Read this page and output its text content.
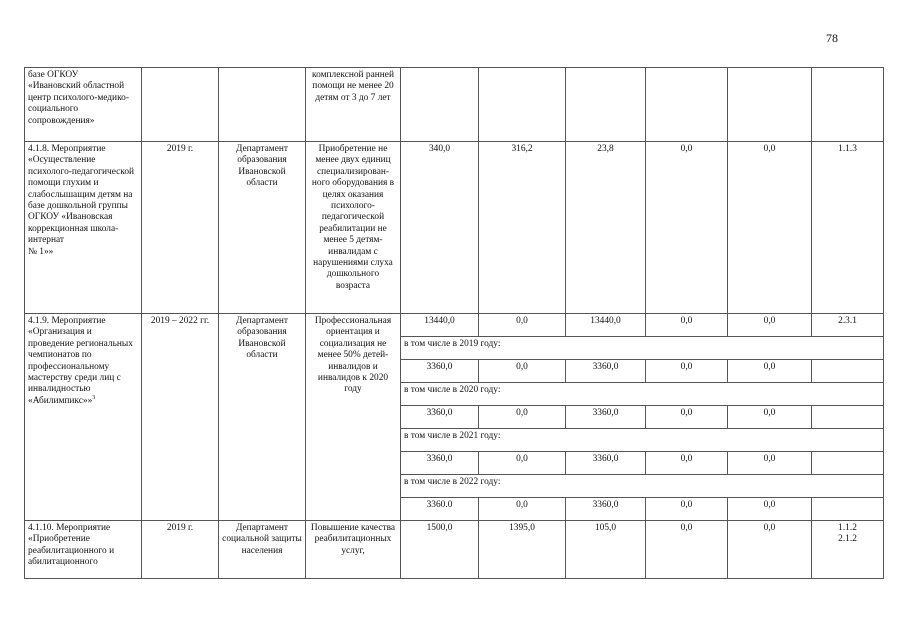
78
базе ОГКОУ
«Ивановский областной центр психолого-медико-социального сопровождения»			комплексной ранней помощи не менее 20 детям от 3 до 7 лет						
4.1.8. Мероприятие «Осуществление психолого-педагогической помощи глухим и слабослышащим детям на базе дошкольной группы ОГКОУ «Ивановская коррекционная школа-интернат
№ 1»»	2019 г.	Департамент образования Ивановской области	Приобретение не менее двух единиц специализирован-ного оборудования в целях оказания психолого-педагогической реабилитации не менее 5 детям-инвалидам с нарушениями слуха дошкольного возраста	340,0	316,2	23,8	0,0	0,0	1.1.3
4.1.9. Мероприятие «Организация и проведение региональных чемпионатов по профессиональному мастерству среди лиц с инвалидностью «Абилимпикс»»$^3$	2019 – 2022 гг.	Департамент образования Ивановской области	Профессиональная ориентация и социализация не менее 50% детей-инвалидов и инвалидов к 2020 году	13440,0	0,0	13440,0	0,0	0,0	2.3.1
				в том числе в 2019 году:					
				3360,0	0,0	3360,0	0,0	0,0	
				в том числе в 2020 году:					
				3360,0	0,0	3360,0	0,0	0,0	
				в том числе в 2021 году:					
				3360,0	0,0	3360,0	0,0	0,0	
				в том числе в 2022 году:					
				3360.0	0,0	3360,0	0,0	0,0	
4.1.10. Мероприятие «Приобретение реабилитационного и абилитационного	2019 г.	Департамент социальной защиты населения	Повышение качества реабилитационных услуг,	1500,0	1395,0	105,0	0,0	0,0	1.1.2
2.1.2
